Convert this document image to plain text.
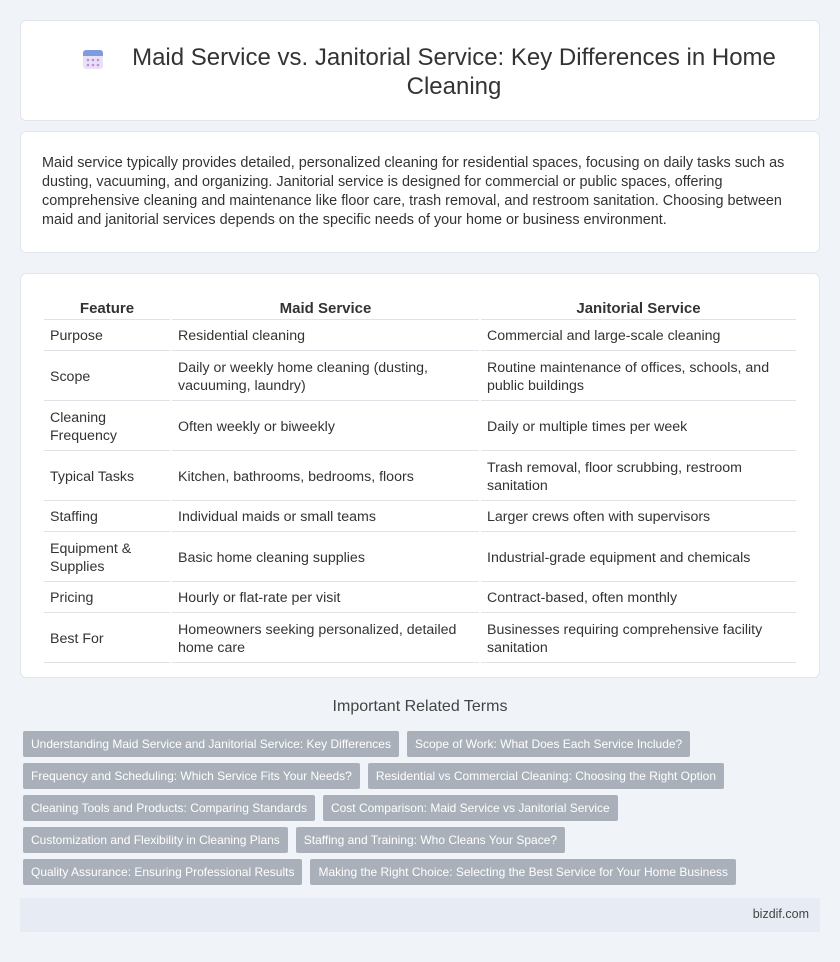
Maid Service vs. Janitorial Service: Key Differences in Home Cleaning

Maid service typically provides detailed, personalized cleaning for residential spaces, focusing on daily tasks such as dusting, vacuuming, and organizing. Janitorial service is designed for commercial or public spaces, offering comprehensive cleaning and maintenance like floor care, trash removal, and restroom sanitation. Choosing between maid and janitorial services depends on the specific needs of your home or business environment.

Feature	Maid Service	Janitorial Service
Purpose	Residential cleaning	Commercial and large-scale cleaning
Scope	Daily or weekly home cleaning (dusting, vacuuming, laundry)	Routine maintenance of offices, schools, and public buildings
Cleaning Frequency	Often weekly or biweekly	Daily or multiple times per week
Typical Tasks	Kitchen, bathrooms, bedrooms, floors	Trash removal, floor scrubbing, restroom sanitation
Staffing	Individual maids or small teams	Larger crews often with supervisors
Equipment & Supplies	Basic home cleaning supplies	Industrial-grade equipment and chemicals
Pricing	Hourly or flat-rate per visit	Contract-based, often monthly
Best For	Homeowners seeking personalized, detailed home care	Businesses requiring comprehensive facility sanitation
Important Related Terms
Understanding Maid Service and Janitorial Service: Key Differences	Scope of Work: What Does Each Service Include?
Frequency and Scheduling: Which Service Fits Your Needs?	Residential vs Commercial Cleaning: Choosing the Right Option
Cleaning Tools and Products: Comparing Standards	Cost Comparison: Maid Service vs Janitorial Service
Customization and Flexibility in Cleaning Plans	Staffing and Training: Who Cleans Your Space?
Quality Assurance: Ensuring Professional Results	Making the Right Choice: Selecting the Best Service for Your Home Business
bizdif.com
